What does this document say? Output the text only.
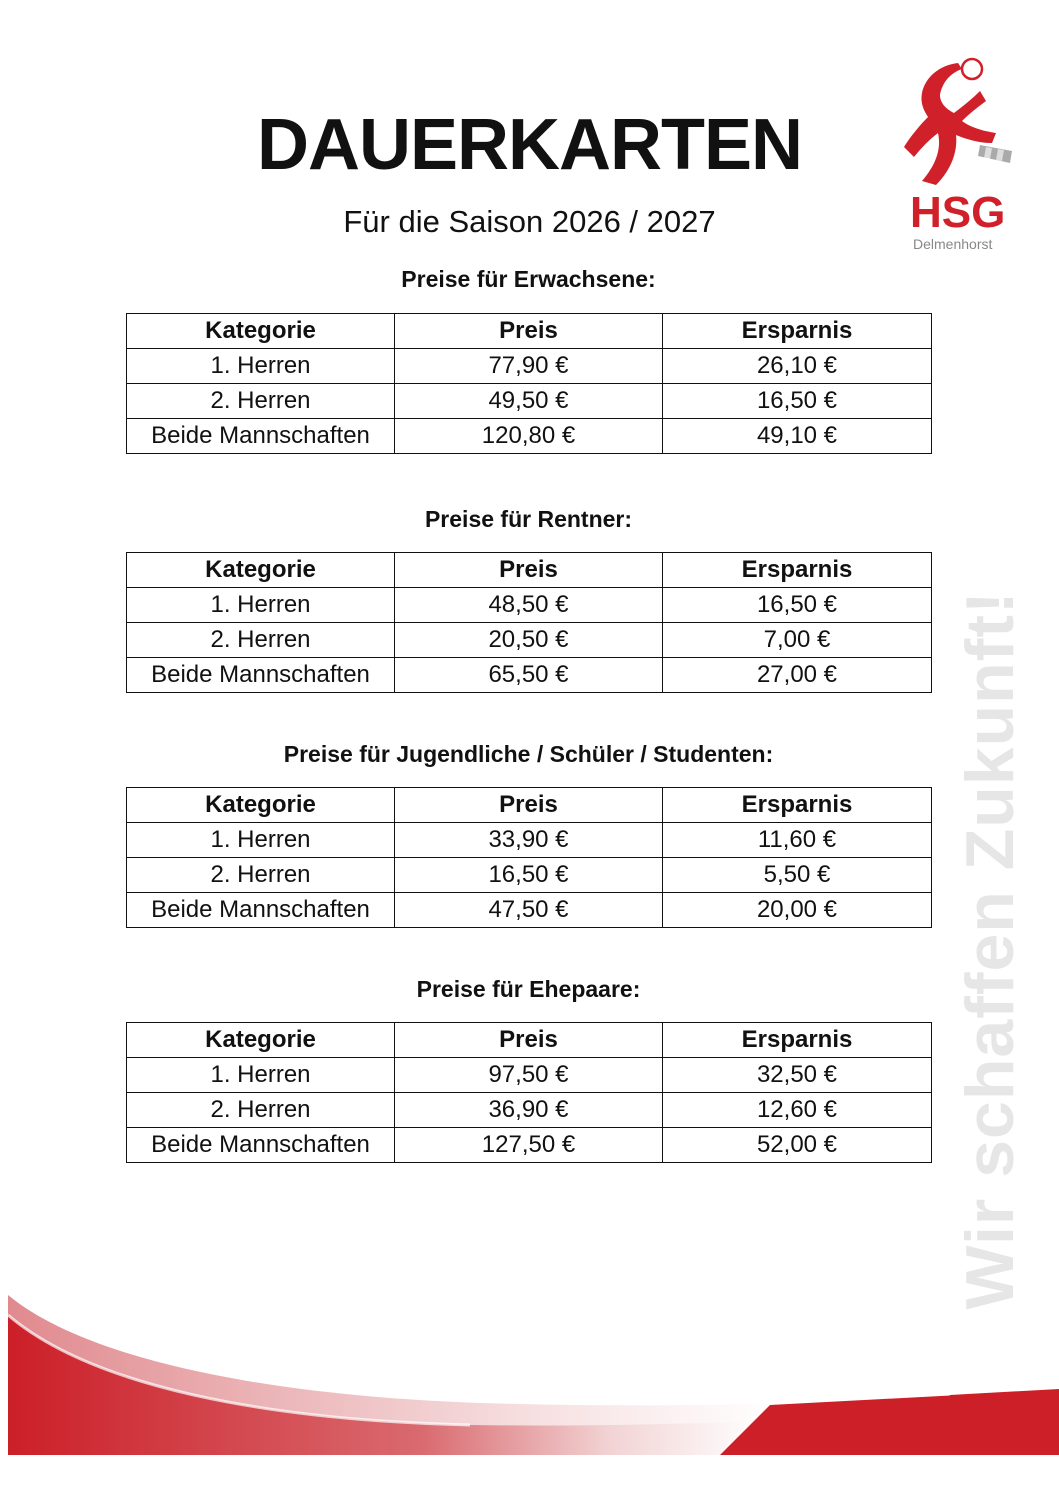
DAUERKARTEN
Für die Saison 2026 / 2027	HSG
Delmenhorst
Preise für Erwachsene:
Kategorie	Preis	Ersparnis
1. Herren	77,90 €	26,10 €
2. Herren	49,50 €	16,50 €
Beide Mannschaften	120,80 €	49,10 €
Preise für Rentner:
Kategorie	Preis	Ersparnis
1. Herren	48,50 €	16,50 €
2. Herren	20,50 €	7,00 €
Beide Mannschaften	65,50 €	27,00 €
Preise für Jugendliche / Schüler / Studenten:
Kategorie	Preis	Ersparnis
1. Herren	33,90 €	11,60 €
2. Herren	16,50 €	5,50 €
Beide Mannschaften	47,50 €	20,00 €
Preise für Ehepaare:
Kategorie	Preis	Ersparnis
1. Herren	97,50 €	32,50 €
2. Herren	36,90 €	12,60 €
Beide Mannschaften	127,50 €	52,00 € Wir schaffen Zukunft!
